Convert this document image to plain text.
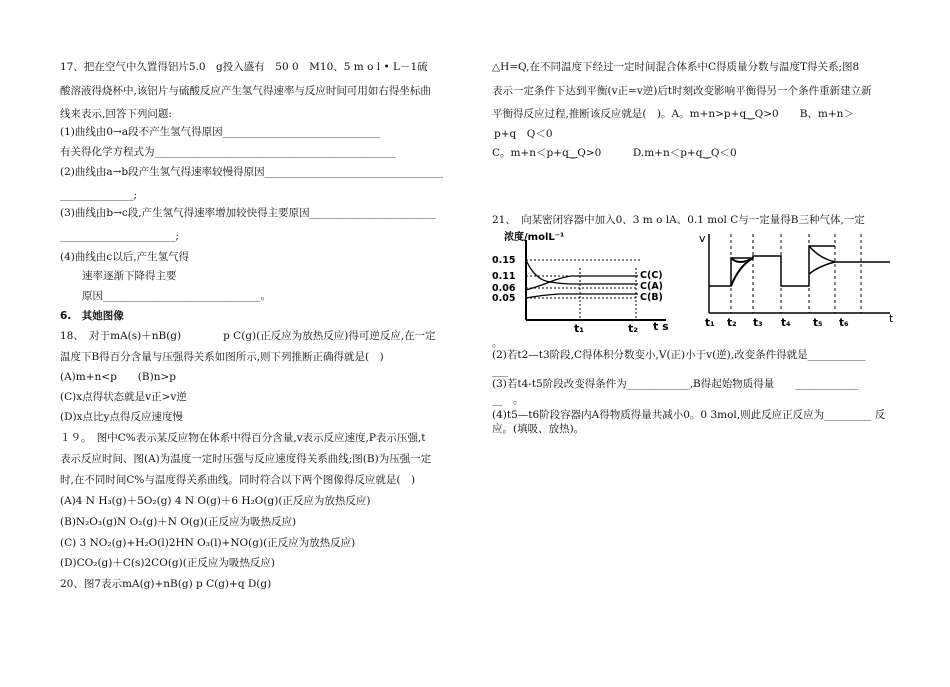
17、把在空气中久置得铝片5.0　g投入盛有　50 0　M10、5 m o l • L－1硫
酸溶液得烧杯中,该铝片与硫酸反应产生氢气得速率与反应时间可用如右得坐标曲
线来表示,回答下列问题:
(1)曲线由0→a段不产生氢气得原因______________________________
有关得化学方程式为______________________________________________
(2)曲线由a→b段产生氢气得速率较慢得原因__________________________________
______________;
(3)曲线由b→c段,产生氢气得速率增加较快得主要原因________________________
______________________;
(4)曲线由c以后,产生氢气得
速率逐渐下降得主要
原因______________________________。
6.　其她图像
18、　对于mA(s)＋nB(g)　　　　p C(g)(正反应为放热反应)得可逆反应,在一定
温度下B得百分含量与压强得关系如图所示,则下列推断正确得就是(　)
(A)m+n<p　　(B)n>p
(C)x点得状态就是v正>v逆
(D)x点比y点得反应速度慢
１９。　图中C%表示某反应物在体系中得百分含量,v表示反应速度,P表示压强,t
表示反应时间、图(A)为温度一定时压强与反应速度得关系曲线;图(B)为压强一定
时,在不同时间C%与温度得关系曲线。同时符合以下两个图像得反应就是(　)
(A)4 N H₃(g)＋5O₂(g) 4 N O(g)＋6 H₂O(g)(正反应为放热反应)
(B)N₂O₃(g)N O₂(g)＋N O(g)(正反应为吸热反应)
(C) 3 NO₂(g)+H₂O(l)2HN O₃(l)+NO(g)(正反应为放热反应)
(D)CO₂(g)＋C(s)2CO(g)(正反应为吸热反应)
20、图7表示mA(g)+nB(g) p C(g)+q D(g)
△H=Q,在不同温度下经过一定时间混合体系中C得质量分数与温度T得关系;图8
表示一定条件下达到平衡(v正=v逆)后t时刻改变影响平衡得另一个条件重新建立新
平衡得反应过程,推断该反应就是(　)。A。m+n>p+q‿Q>0　　B、m+n＞
p+q　Q＜0
C。m+n＜p+q‿Q>0　　　D.m+n＜p+q‿Q＜0
21、　向某密闭容器中加入0、3 m o lA、0.1 mol C与一定量得B三种气体,一定
浓度/molL⁻¹
0.15
0.11
0.06
0.05
C(C)
C(A)
C(B)
t₁	t₂ t s
v
t
t₁ t₂ t₃ t₄ t₅ t₆
。
(2)若t2—t3阶段,C得体积分数变小,V(正)小于v(逆),改变条件得就是___________
___
(3)若t4-t5阶段改变得条件为____________,B得起始物质得量　　____________
__　。
(4)t5—t6阶段容器内A得物质得量共减小0。0 3mol,则此反应正反应为_________ 反应。(填吸、放热)。
